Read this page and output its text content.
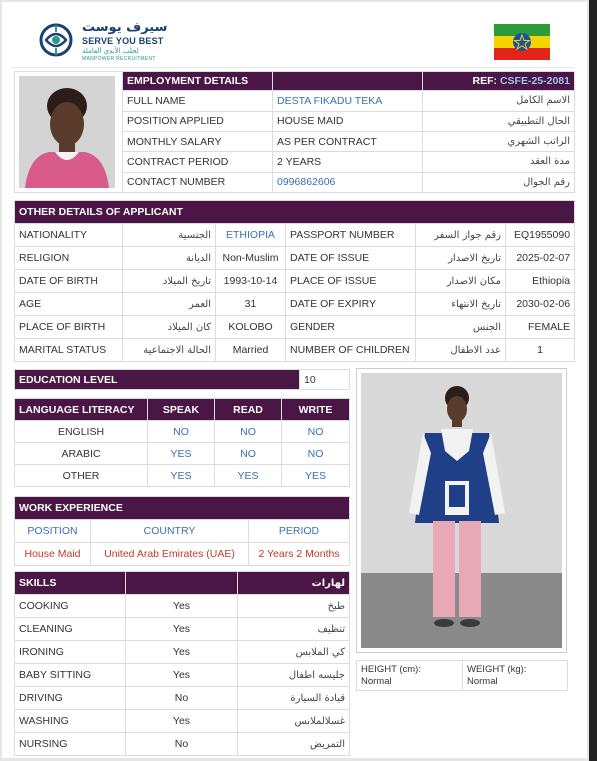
سيرف يوست
SERVE YOU BEST
لجلب الأيدي العاملة
MANPOWER RECRUITMENT
	EMPLOYMENT DETAILS		REF: CSFE-25-2081
	FULL NAME	DESTA FIKADU TEKA	الاسم الكامل
	POSITION APPLIED	HOUSE MAID	الحال التطبيقي
	MONTHLY SALARY	AS PER CONTRACT	الراتب الشهري
	CONTRACT PERIOD	2 YEARS	مدة العقد
	CONTACT NUMBER	0996862606	رقم الجوال
OTHER DETAILS OF APPLICANT					
NATIONALITY	الجنسية	ETHIOPIA	PASSPORT NUMBER	رقم جواز السفر	EQ1955090
RELIGION	الديانة	Non-Muslim	DATE OF ISSUE	تاريخ الاصدار	2025-02-07
DATE OF BIRTH	تاريخ الميلاد	1993-10-14	PLACE OF ISSUE	مكان الاصدار	Ethiopia
AGE	العمر	31	DATE OF EXPIRY	تاريخ الانتهاء	2030-02-06
PLACE OF BIRTH	كان الميلاد	KOLOBO	GENDER	الجنس	FEMALE
MARITAL STATUS	الحالة الاجتماعية	Married	NUMBER OF CHILDREN	عدد الاطفال	1
EDUCATION LEVEL	10
LANGUAGE LITERACY	SPEAK	READ	WRITE
ENGLISH	NO	NO	NO
ARABIC	YES	NO	NO
OTHER	YES	YES	YES
WORK EXPERIENCE		
POSITION	COUNTRY	PERIOD
House Maid	United Arab Emirates (UAE)	2 Years 2 Months
SKILLS		لهارات
COOKING	Yes	طبخ
CLEANING	Yes	تنظيف
IRONING	Yes	كي الملابس
BABY SITTING	Yes	جليسه اطفال
DRIVING	No	قيادة السيارة
WASHING	Yes	غسلالملابس
NURSING	No	التمريض
HEIGHT (cm):
Normal

WEIGHT (kg):
Normal
